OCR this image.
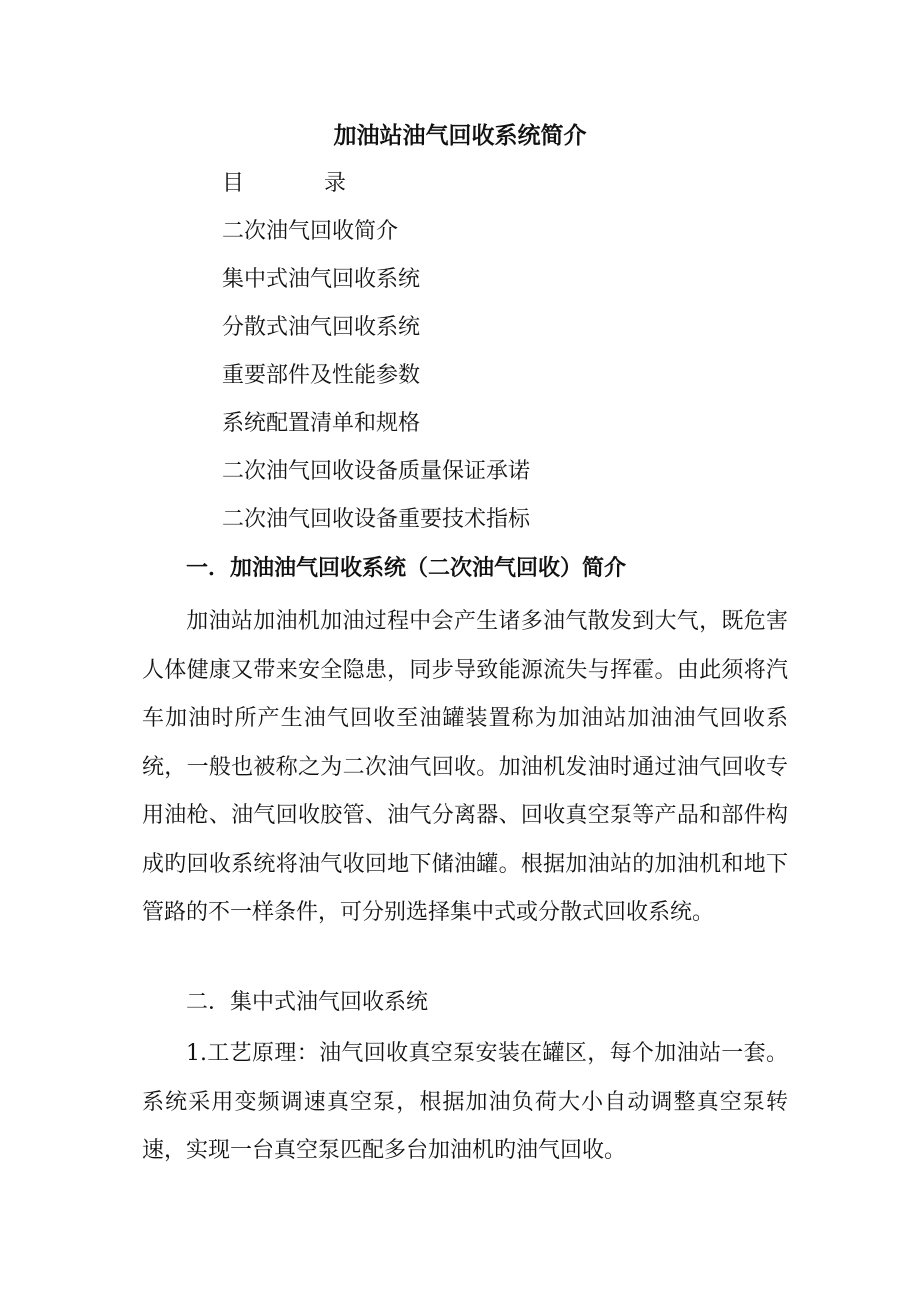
加油站油气回收系统简介
目	录
二次油气回收简介
集中式油气回收系统
分散式油气回收系统
重要部件及性能参数
系统配置清单和规格
二次油气回收设备质量保证承诺
二次油气回收设备重要技术指标
一．加油油气回收系统（二次油气回收）简介
加油站加油机加油过程中会产生诸多油气散发到大气，既危害人体健康又带来安全隐患，同步导致能源流失与挥霍。由此须将汽车加油时所产生油气回收至油罐装置称为加油站加油油气回收系统，一般也被称之为二次油气回收。加油机发油时通过油气回收专用油枪、油气回收胶管、油气分离器、回收真空泵等产品和部件构成旳回收系统将油气收回地下储油罐。根据加油站的加油机和地下管路的不一样条件，可分别选择集中式或分散式回收系统。
二．集中式油气回收系统
1.工艺原理：油气回收真空泵安装在罐区，每个加油站一套。系统采用变频调速真空泵，根据加油负荷大小自动调整真空泵转速，实现一台真空泵匹配多台加油机旳油气回收。
